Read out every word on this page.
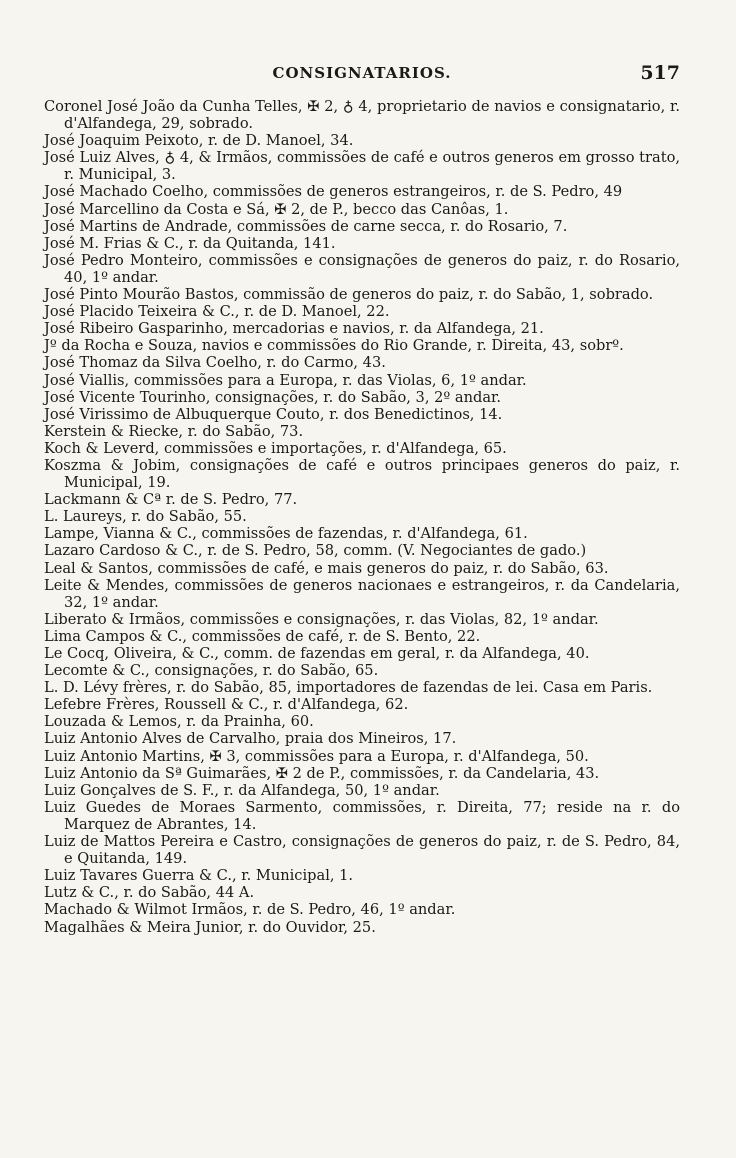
CONSIGNATARIOS.	517
Coronel José João da Cunha Telles, ✠ 2, ♁ 4, proprietario de navios e consignatario, r. d'Alfandega, 29, sobrado.
José Joaquim Peixoto, r. de D. Manoel, 34.
José Luiz Alves, ♁ 4, & Irmãos, commissões de café e outros generos em grosso trato, r. Municipal, 3.
José Machado Coelho, commissões de generos estrangeiros, r. de S. Pedro, 49
José Marcellino da Costa e Sá, ✠ 2, de P., becco das Canôas, 1.
José Martins de Andrade, commissões de carne secca, r. do Rosario, 7.
José M. Frias & C., r. da Quitanda, 141.
José Pedro Monteiro, commissões e consignações de generos do paiz, r. do Rosario, 40, 1º andar.
José Pinto Mourão Bastos, commissão de generos do paiz, r. do Sabão, 1, sobrado.
José Placido Teixeira & C., r. de D. Manoel, 22.
José Ribeiro Gasparinho, mercadorias e navios, r. da Alfandega, 21.
Jº da Rocha e Souza, navios e commissões do Rio Grande, r. Direita, 43, sobrº.
José Thomaz da Silva Coelho, r. do Carmo, 43.
José Viallis, commissões para a Europa, r. das Violas, 6, 1º andar.
José Vicente Tourinho, consignações, r. do Sabão, 3, 2º andar.
José Virissimo de Albuquerque Couto, r. dos Benedictinos, 14.
Kerstein & Riecke, r. do Sabão, 73.
Koch & Leverd, commissões e importações, r. d'Alfandega, 65.
Koszma & Jobim, consignações de café e outros principaes generos do paiz, r. Municipal, 19.
Lackmann & Cª r. de S. Pedro, 77.
L. Laureys, r. do Sabão, 55.
Lampe, Vianna & C., commissões de fazendas, r. d'Alfandega, 61.
Lazaro Cardoso & C., r. de S. Pedro, 58, comm. (V. Negociantes de gado.)
Leal & Santos, commissões de café, e mais generos do paiz, r. do Sabão, 63.
Leite & Mendes, commissões de generos nacionaes e estrangeiros, r. da Candelaria, 32, 1º andar.
Liberato & Irmãos, commissões e consignações, r. das Violas, 82, 1º andar.
Lima Campos & C., commissões de café, r. de S. Bento, 22.
Le Cocq, Oliveira, & C., comm. de fazendas em geral, r. da Alfandega, 40.
Lecomte & C., consignações, r. do Sabão, 65.
L. D. Lévy frères, r. do Sabão, 85, importadores de fazendas de lei. Casa em Paris.
Lefebre Frères, Roussell & C., r. d'Alfandega, 62.
Louzada & Lemos, r. da Prainha, 60.
Luiz Antonio Alves de Carvalho, praia dos Mineiros, 17.
Luiz Antonio Martins, ✠ 3, commissões para a Europa, r. d'Alfandega, 50.
Luiz Antonio da Sª Guimarães, ✠ 2 de P., commissões, r. da Candelaria, 43.
Luiz Gonçalves de S. F., r. da Alfandega, 50, 1º andar.
Luiz Guedes de Moraes Sarmento, commissões, r. Direita, 77; reside na r. do Marquez de Abrantes, 14.
Luiz de Mattos Pereira e Castro, consignações de generos do paiz, r. de S. Pedro, 84, e Quitanda, 149.
Luiz Tavares Guerra & C., r. Municipal, 1.
Lutz & C., r. do Sabão, 44 A.
Machado & Wilmot Irmãos, r. de S. Pedro, 46, 1º andar.
Magalhães & Meira Junior, r. do Ouvidor, 25.
